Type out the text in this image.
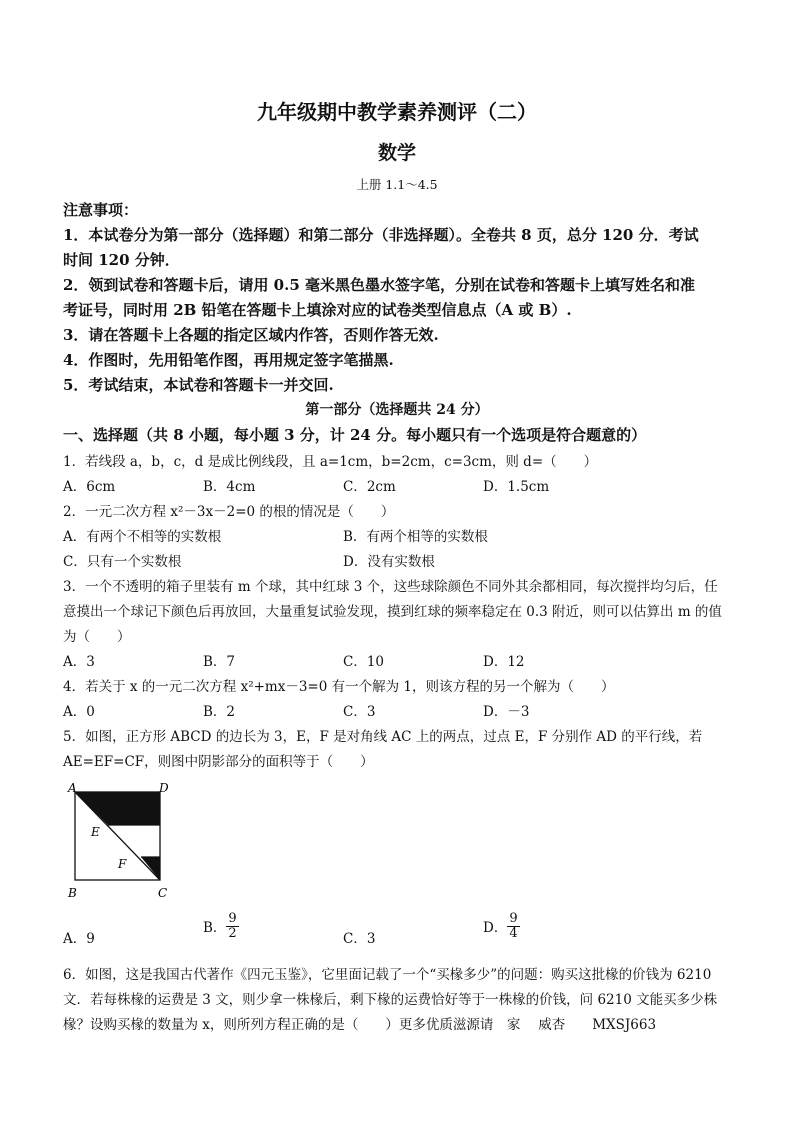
九年级期中教学素养测评（二）
数学
上册 1.1～4.5
注意事项：
1．本试卷分为第一部分（选择题）和第二部分（非选择题）。全卷共 8 页，总分 120 分．考试
时间 120 分钟．
2．领到试卷和答题卡后，请用 0.5 毫米黑色墨水签字笔，分别在试卷和答题卡上填写姓名和准
考证号，同时用 2B 铅笔在答题卡上填涂对应的试卷类型信息点（A 或 B）.
3．请在答题卡上各题的指定区域内作答，否则作答无效.
4．作图时，先用铅笔作图，再用规定签字笔描黑.
5．考试结束，本试卷和答题卡一并交回.
第一部分（选择题共 24 分）
一、选择题（共 8 小题，每小题 3 分，计 24 分。每小题只有一个选项是符合题意的）
1．若线段 a，b，c，d 是成比例线段，且 a=1cm，b=2cm，c=3cm，则 d=（　　）
A．6cm	B．4cm	C．2cm	D．1.5cm
2．一元二次方程 x²－3x－2=0 的根的情况是（　　）
A．有两个不相等的实数根	B．有两个相等的实数根
C．只有一个实数根	D．没有实数根
3．一个不透明的箱子里装有 m 个球，其中红球 3 个，这些球除颜色不同外其余都相同，每次搅拌均匀后，任
意摸出一个球记下颜色后再放回，大量重复试验发现，摸到红球的频率稳定在 0.3 附近，则可以估算出 m 的值
为（　　）
A．3	B．7	C．10	D．12
4．若关于 x 的一元二次方程 x²+mx－3=0 有一个解为 1，则该方程的另一个解为（　　）
A．0	B．2	C．3	D．－3
5．如图，正方形 ABCD 的边长为 3，E，F 是对角线 AC 上的两点，过点 E，F 分别作 AD 的平行线，若
AE=EF=CF，则图中阴影部分的面积等于（　　）
A	D
E
F
B	C
A．9
B． $\frac{9}{2}$	C．3
D． $\frac{9}{4}$
6．如图，这是我国古代著作《四元玉鉴》，它里面记载了一个“买椽多少”的问题：购买这批椽的价钱为 6210
文．若每株椽的运费是 3 文，则少拿一株椽后，剩下椽的运费恰好等于一株椽的价钱，问 6210 文能买多少株
椽？设购买椽的数量为 x，则所列方程正确的是（　　）更多优质滋源请　家　 威杏　　MXSJ663
